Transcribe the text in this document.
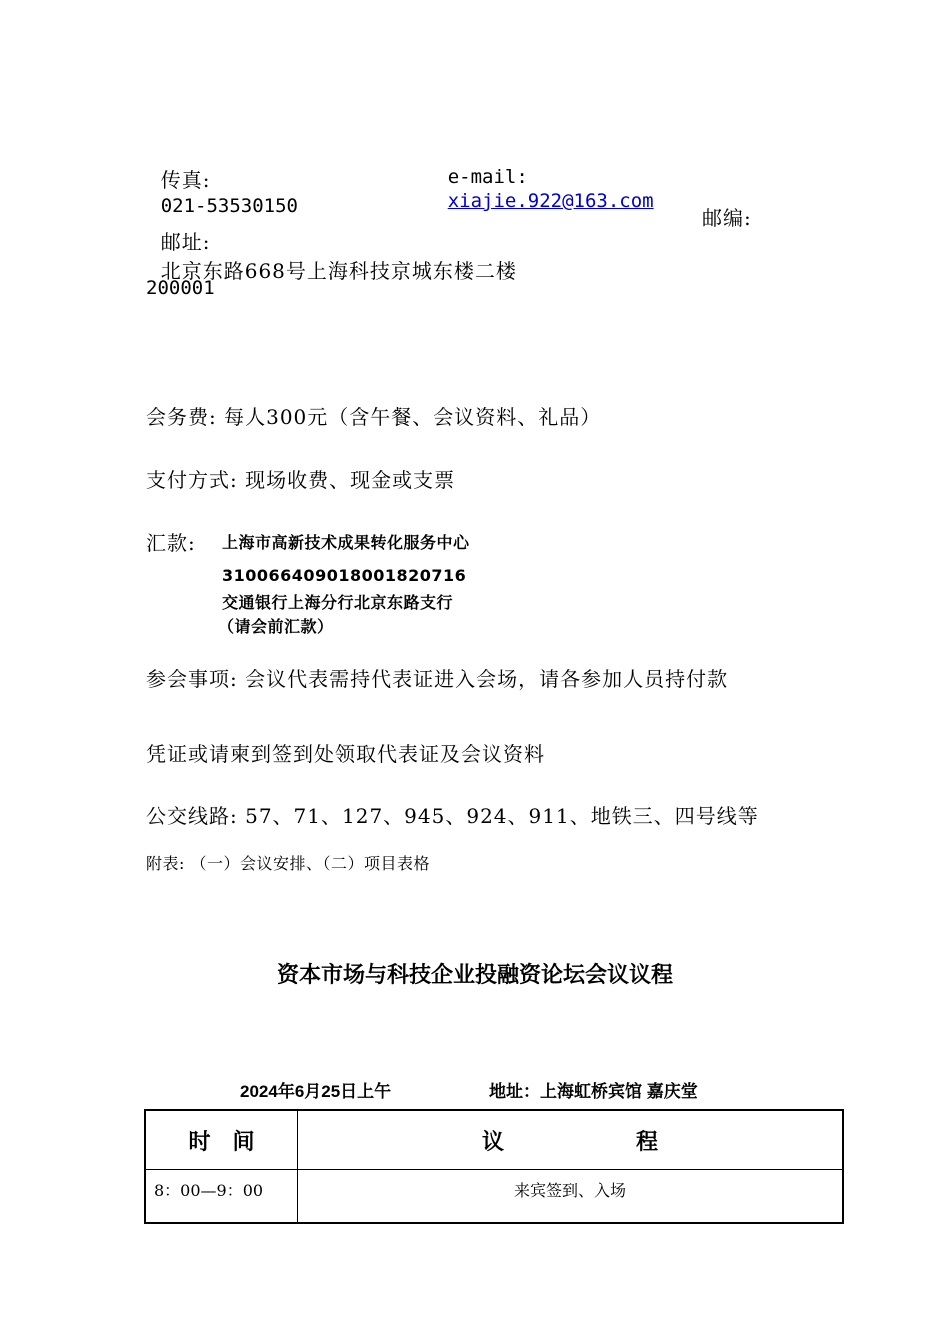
传真:
021-53530150

e-mail:
xiajie.922@163.com

邮址:
北京东路668号上海科技京城东楼二楼

邮编:
200001
会务费: 每人300元（含午餐、会议资料、礼品）
支付方式: 现场收费、现金或支票
汇款: 上海市高新技术成果转化服务中心
310066409018001820716
交通银行上海分行北京东路支行
（请会前汇款）
参会事项: 会议代表需持代表证进入会场，请各参加人员持付款
凭证或请柬到签到处领取代表证及会议资料
公交线路: 57、71、127、945、924、911、地铁三、四号线等
附表: （一）会议安排、（二）项目表格
资本市场与科技企业投融资论坛会议议程
2024年6月25日上午	地址：上海虹桥宾馆 嘉庆堂
时　间	议　　　　　　程
8：00—9：00	来宾签到、入场
